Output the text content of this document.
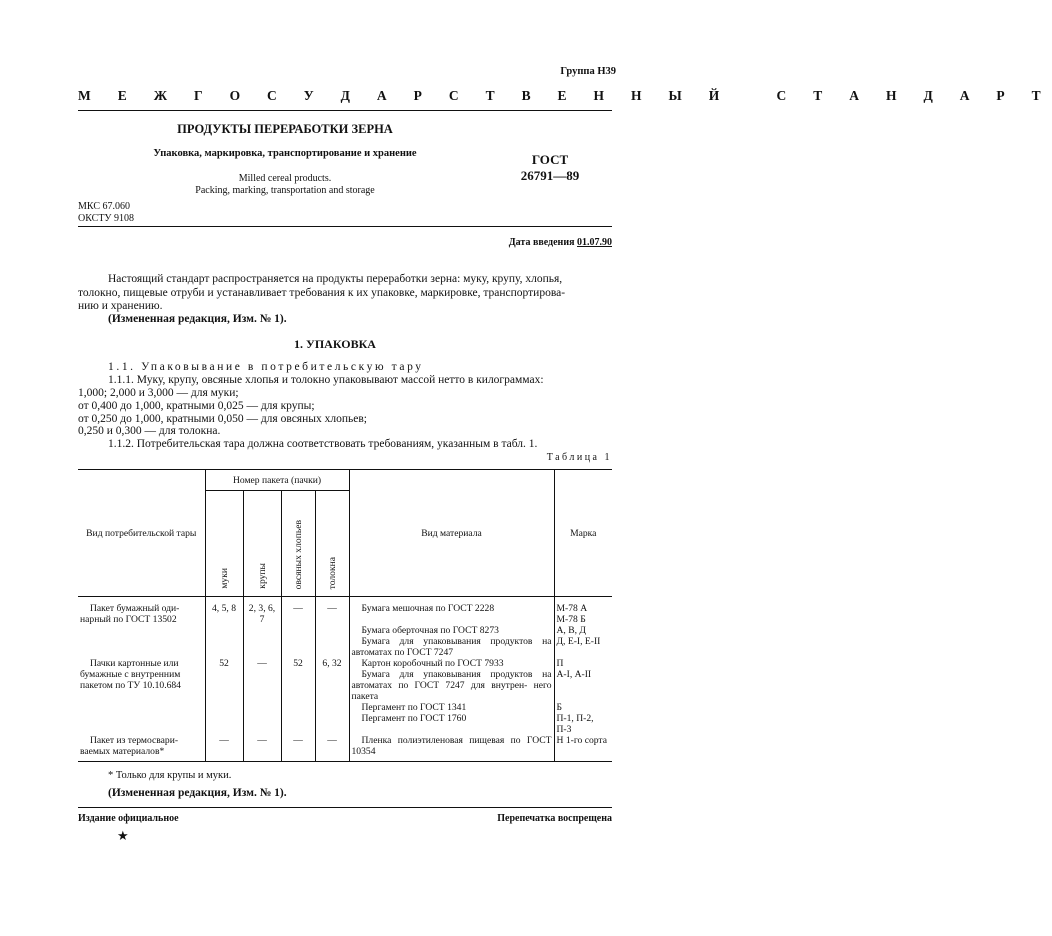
Группа Н39
М Е Ж Г О С У Д А Р С Т В Е Н Н Ы Й   С Т А Н Д А Р Т
ПРОДУКТЫ ПЕРЕРАБОТКИ ЗЕРНА
Упаковка, маркировка, транспортирование и хранение
Milled cereal products.
Packing, marking, transportation and storage
ГОСТ
26791—89
МКС 67.060
ОКСТУ 9108
Дата введения 01.07.90
Настоящий стандарт распространяется на продукты переработки зерна: муку, крупу, хлопья,
толокно, пищевые отруби и устанавливает требования к их упаковке, маркировке, транспортирова-
нию и хранению.
(Измененная редакция, Изм. № 1).
1. УПАКОВКА
1.1. Упаковывание в потребительскую тару
1.1.1. Муку, крупу, овсяные хлопья и толокно упаковывают массой нетто в килограммах:
1,000; 2,000 и 3,000 — для муки;
от 0,400 до 1,000, кратными 0,025 — для крупы;
от 0,250 до 1,000, кратными 0,050 — для овсяных хлопьев;
0,250 и 0,300 — для толокна.
1.1.2. Потребительская тара должна соответствовать требованиям, указанным в табл. 1.
Таблица 1
Вид потребительской тары	Номер пакета (пачки)				Вид материала	Марка
	муки	крупы	овсяных хлопьев	толокна		
Пакет бумажный оди- нарный по ГОСТ 13502	4, 5, 8	2, 3, 6, 7	—	—	Бумага мешочная по ГОСТ 2228	М-78 А М-78 Б
					Бумага оберточная по ГОСТ 8273	А, В, Д
					Бумага для упаковывания продуктов на автоматах по ГОСТ 7247	Д, Е-I, Е-II
Пачки картонные или бумажные с внутренним пакетом по ТУ 10.10.684	52	—	52	6, 32	Картон коробочный по ГОСТ 7933	П
					Бумага для упаковывания продуктов на автоматах по ГОСТ 7247 для внутрен- него пакета	А-I, А-II
					Пергамент по ГОСТ 1341	Б
					Пергамент по ГОСТ 1760	П-1, П-2, П-3
Пакет из термосвари- ваемых материалов*	—	—	—	—	Пленка полиэтиленовая пищевая по ГОСТ 10354	Н 1-го сорта
* Только для крупы и муки.
(Измененная редакция, Изм. № 1).
Издание официальное	Перепечатка воспрещена
★
